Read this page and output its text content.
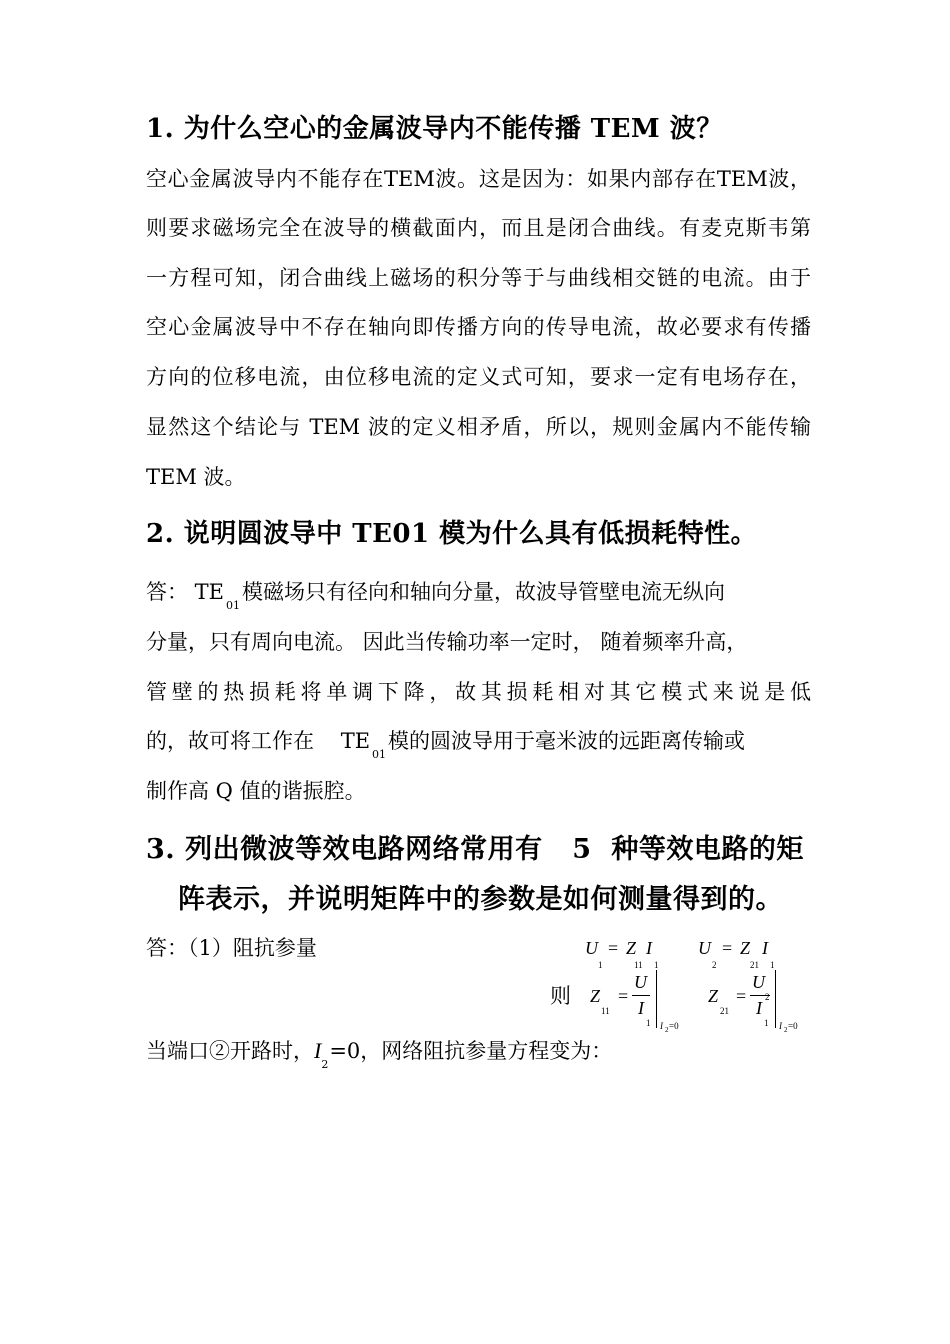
1. 为什么空心的金属波导内不能传播 TEM 波？
空心金属波导内不能存在TEM波。这是因为：如果内部存在TEM波，
则要求磁场完全在波导的横截面内，而且是闭合曲线。有麦克斯韦第
一方程可知，闭合曲线上磁场的积分等于与曲线相交链的电流。由于
空心金属波导中不存在轴向即传播方向的传导电流，故必要求有传播
方向的位移电流，由位移电流的定义式可知，要求一定有电场存在，
显然这个结论与 TEM 波的定义相矛盾，所以，规则金属内不能传输
TEM 波。
2. 说明圆波导中 TE01 模为什么具有低损耗特性。
答： $TE_{01}$模磁场只有径向和轴向分量，故波导管壁电流无纵向
分量，只有周向电流。 因此当传输功率一定时， 随着频率升高，
管壁的热损耗将单调下降，故其损耗相对其它模式来说是低
的，故可将工作在    $TE_{01}$模的圆波导用于毫米波的远距离传输或
制作高 Q 值的谐振腔。
3. 列出微波等效电路网络常用有   5  种等效电路的矩
阵表示，并说明矩阵中的参数是如何测量得到的。
答：（1）阻抗参量	U
1
= Z I
11 1
U
2
= Z I
21 1
则	Z
11
=
U
I
1 I 2 =0
Z
21
=
U
2
I
1 I 2 =0
当端口②开路时，$I_2=0$，网络阻抗参量方程变为：
